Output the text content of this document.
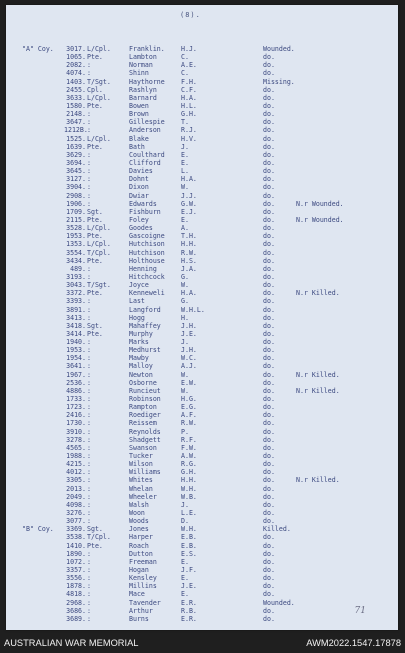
(8).
"A" Coy.	3017. L/Cpl.	Franklin. H.J.	Wounded.
1065. Pte.	Lambton	C.	do.
2082. :	Norman	A.E.	do.
4074. :	Shinn	C.	do.
1403. T/Sgt.	Haythorne F.H.	Missing.
2455. Cpl.	Rashlyn	C.F.	do.
3633. L/Cpl.	Barnard	H.A.	do.
1580. Pte.	Bowen	H.L.	do.
2148. :	Brown	G.H.	do.
3647. :	Gillespie T.	do.
1212B. :	Anderson	R.J.	do.
1525. L/Cpl.	Blake	H.V.	do.
1639. Pte.	Bath	J.	do.
3629. :	Coulthard E.	do.
3694. :	Clifford	E.	do.
3645. :	Davies	L.	do.
3127. :	Dohnt	H.A.	do.
3904. :	Dixon	W.	do.
2908. :	Dwiar	J.J.	do.
1906. :	Edwards	G.W.	do.	N.r Wounded.
1709. Sgt.	Fishburn	E.J.	do.
2115. Pte.	Foley	E.	do.	N.r Wounded.
3528. L/Cpl.	Goodes	A.	do.
1953. Pte.	Gascoigne T.H.	do.
1353. L/Cpl.	Hutchison H.H.	do.
3554. T/Cpl.	Hutchison R.W.	do.
3434. Pte.	Holthouse H.S.	do.
489. :	Henning	J.A.	do.
3193. :	Hitchcock G.	do.
3043. T/Sgt.	Joyce	W.	do.
3372. Pte.	Kenneweli H.A.	do.	N.r Killed.
3393. :	Last	G.	do.
3891. :	Langford	W.H.L.	do.
3413. :	Hogg	H.	do.
3418. Sgt.	Mahaffey	J.H.	do.
3414. Pte.	Murphy	J.E.	do.
1940. :	Marks	J.	do.
1953. :	Medhurst	J.H.	do.
1954. :	Mawby	W.C.	do.
3641. :	Malloy	A.J.	do.
1967. :	Newton	W.	do.	N.r Killed.
2536. :	Osborne	E.W.	do.
4886. :	Runcieut	W.	do.	N.r Killed.
1733. :	Robinson	H.G.	do.
1723. :	Rampton	E.G.	do.
2416. :	Roediger	A.F.	do.
1730. :	Reissem	R.W.	do.
3910. :	Reynolds	P.	do.
3278. :	Shadgett	R.F.	do.
4565. :	Swanson	F.W.	do.
1988. :	Tucker	A.W.	do.
4215. :	Wilson	R.G.	do.
4012. :	Williams	G.H.	do.
3305. :	Whites	H.H.	do.	N.r Killed.
2013. :	Whelan	W.H.	do.
2049. :	Wheeler	W.B.	do.
4098. :	Walsh	J.	do.
3276. :	Woon	L.E.	do.
3077. :	Woods	D.	do.
"B" Coy.	3369. Sgt.	Jones	W.H.	Killed.
3538. T/Cpl.	Harper	E.B.	do.
1410. Pte.	Roach	E.B.	do.
1890. :	Dutton	E.S.	do.
1072. :	Freeman	E.	do.
3357. :	Hogan	J.F.	do.
3556. :	Kensley	E.	do.
1878. :	Millins	J.E.	do.
4818. :	Mace	E.	do.
2968. :	Tavender	E.R.	Wounded.
3686. :	Arthur	R.B.	do.
3689. :	Burns	E.R.	do.
71
AUSTRALIAN WAR MEMORIAL	AWM2022.1547.17878
